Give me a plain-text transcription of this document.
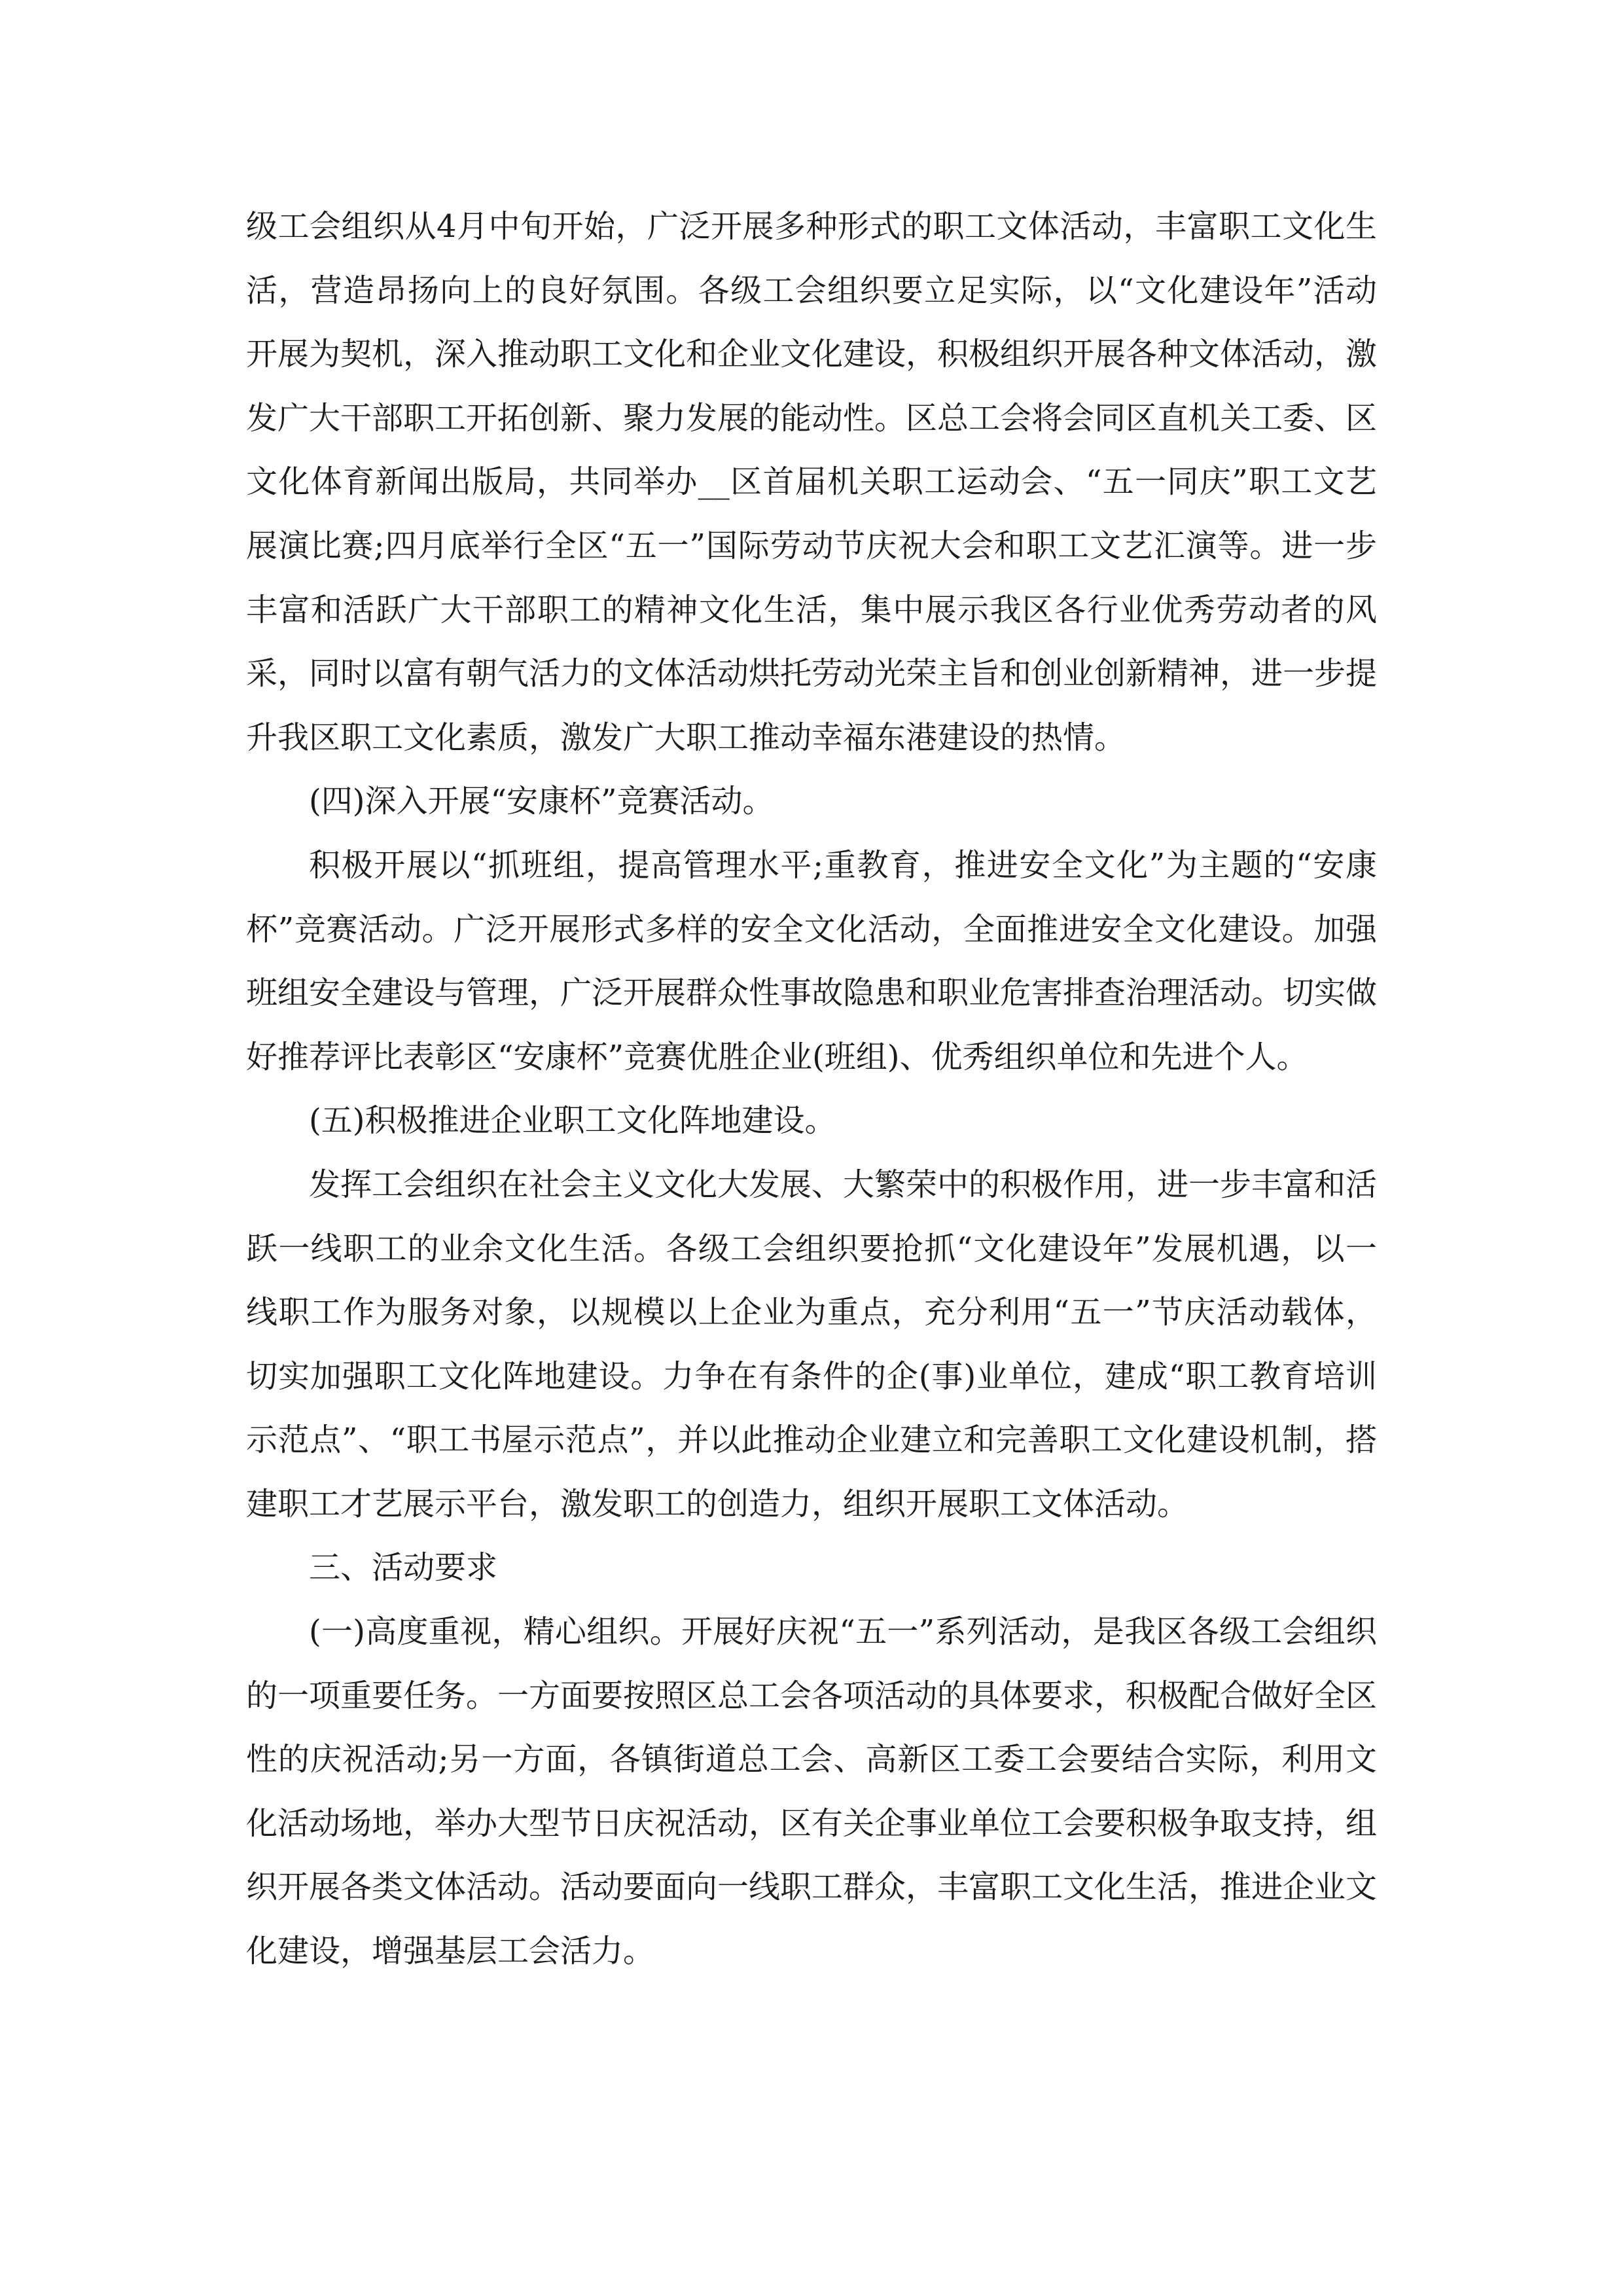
级工会组织从4月中旬开始，广泛开展多种形式的职工文体活动，丰富职工文化生活，营造昂扬向上的良好氛围。各级工会组织要立足实际，以“文化建设年”活动开展为契机，深入推动职工文化和企业文化建设，积极组织开展各种文体活动，激发广大干部职工开拓创新、聚力发展的能动性。区总工会将会同区直机关工委、区文化体育新闻出版局，共同举办__区首届机关职工运动会、“五一同庆”职工文艺展演比赛;四月底举行全区“五一”国际劳动节庆祝大会和职工文艺汇演等。进一步丰富和活跃广大干部职工的精神文化生活，集中展示我区各行业优秀劳动者的风采，同时以富有朝气活力的文体活动烘托劳动光荣主旨和创业创新精神，进一步提升我区职工文化素质，激发广大职工推动幸福东港建设的热情。

(四)深入开展“安康杯”竞赛活动。

积极开展以“抓班组，提高管理水平;重教育，推进安全文化”为主题的“安康杯”竞赛活动。广泛开展形式多样的安全文化活动，全面推进安全文化建设。加强班组安全建设与管理，广泛开展群众性事故隐患和职业危害排查治理活动。切实做好推荐评比表彰区“安康杯”竞赛优胜企业(班组)、优秀组织单位和先进个人。

(五)积极推进企业职工文化阵地建设。

发挥工会组织在社会主义文化大发展、大繁荣中的积极作用，进一步丰富和活跃一线职工的业余文化生活。各级工会组织要抢抓“文化建设年”发展机遇，以一线职工作为服务对象，以规模以上企业为重点，充分利用“五一”节庆活动载体，切实加强职工文化阵地建设。力争在有条件的企(事)业单位，建成“职工教育培训示范点”、“职工书屋示范点”，并以此推动企业建立和完善职工文化建设机制，搭建职工才艺展示平台，激发职工的创造力，组织开展职工文体活动。

三、活动要求

(一)高度重视，精心组织。开展好庆祝“五一”系列活动，是我区各级工会组织的一项重要任务。一方面要按照区总工会各项活动的具体要求，积极配合做好全区性的庆祝活动;另一方面，各镇街道总工会、高新区工委工会要结合实际，利用文化活动场地，举办大型节日庆祝活动，区有关企事业单位工会要积极争取支持，组织开展各类文体活动。活动要面向一线职工群众，丰富职工文化生活，推进企业文化建设，增强基层工会活力。
